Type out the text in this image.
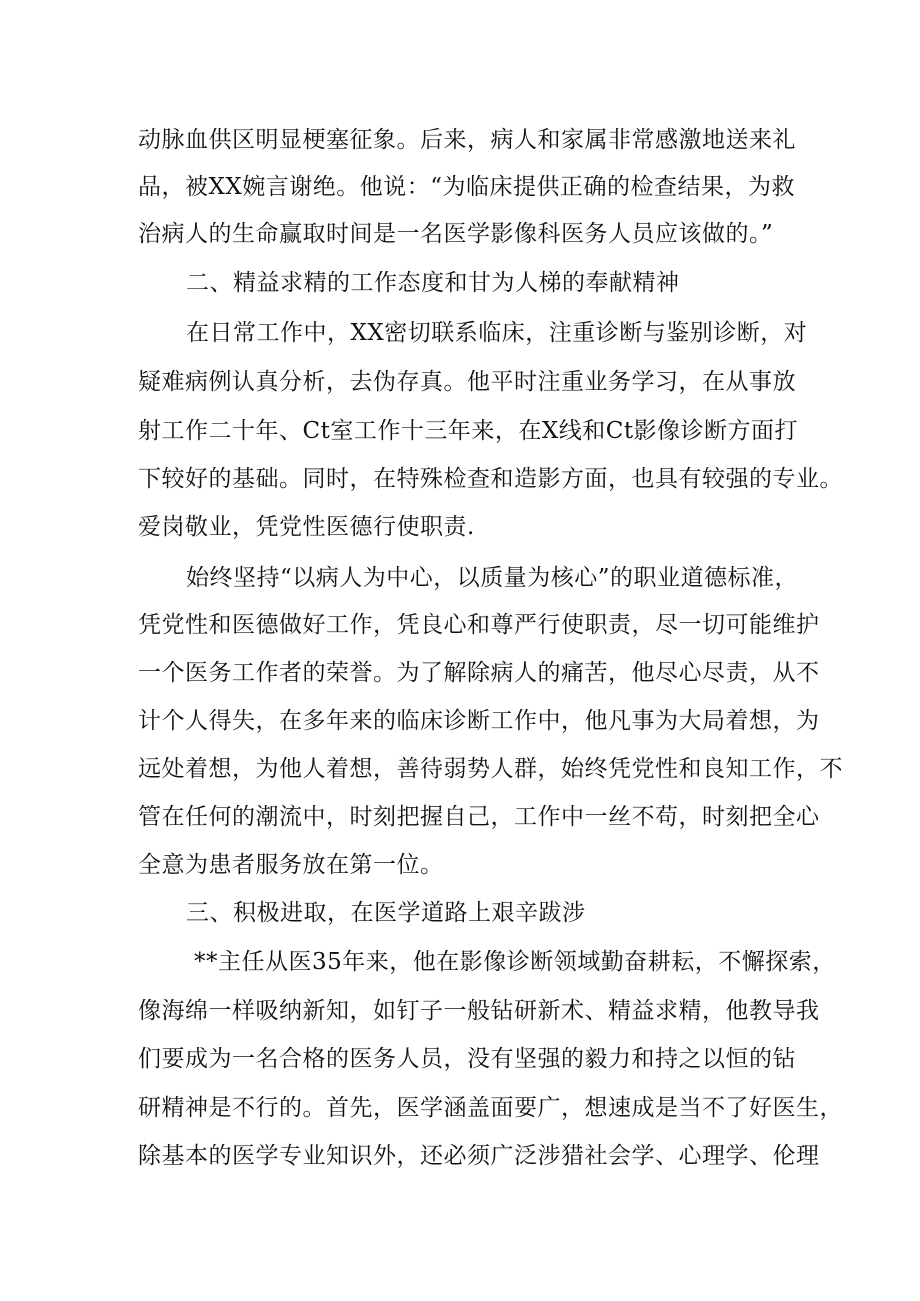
动脉血供区明显梗塞征象。后来，病人和家属非常感激地送来礼
品，被XX婉言谢绝。他说：“为临床提供正确的检查结果，为救
治病人的生命赢取时间是一名医学影像科医务人员应该做的。”
二、精益求精的工作态度和甘为人梯的奉献精神
在日常工作中，XX密切联系临床，注重诊断与鉴别诊断，对
疑难病例认真分析，去伪存真。他平时注重业务学习，在从事放
射工作二十年、Ct室工作十三年来，在X线和Ct影像诊断方面打
下较好的基础。同时，在特殊检查和造影方面，也具有较强的专业。
爱岗敬业，凭党性医德行使职责.
始终坚持“以病人为中心，以质量为核心”的职业道德标准，
凭党性和医德做好工作，凭良心和尊严行使职责，尽一切可能维护
一个医务工作者的荣誉。为了解除病人的痛苦，他尽心尽责，从不
计个人得失，在多年来的临床诊断工作中，他凡事为大局着想，为
远处着想，为他人着想，善待弱势人群，始终凭党性和良知工作，不
管在任何的潮流中，时刻把握自己，工作中一丝不苟，时刻把全心
全意为患者服务放在第一位。
三、积极进取，在医学道路上艰辛跋涉
**主任从医35年来，他在影像诊断领域勤奋耕耘，不懈探索，
像海绵一样吸纳新知，如钉子一般钻研新术、精益求精，他教导我
们要成为一名合格的医务人员，没有坚强的毅力和持之以恒的钻
研精神是不行的。首先，医学涵盖面要广，想速成是当不了好医生，
除基本的医学专业知识外，还必须广泛涉猎社会学、心理学、伦理
